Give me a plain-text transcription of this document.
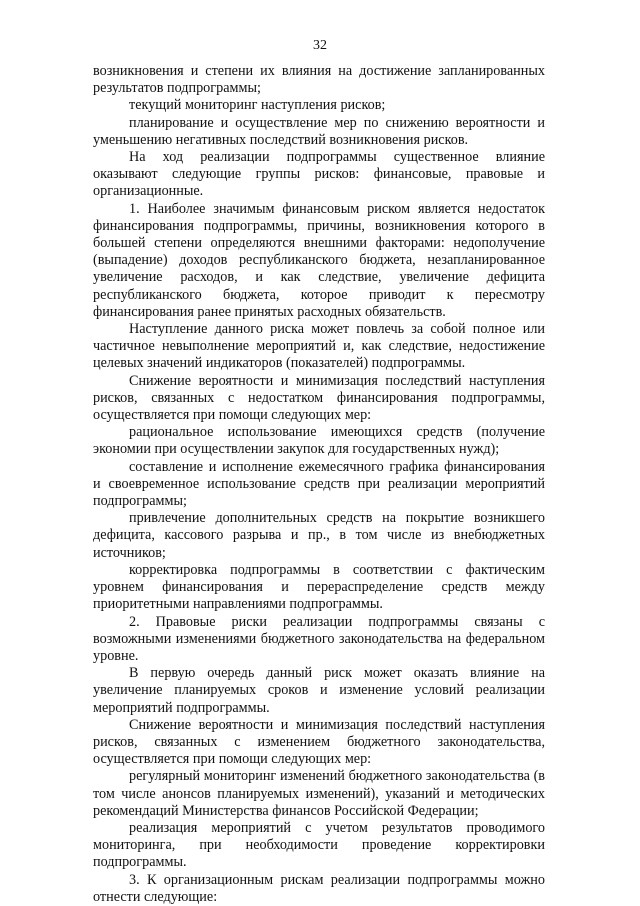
32

возникновения и степени их влияния на достижение запланированных результатов подпрограммы;

текущий мониторинг наступления рисков;

планирование и осуществление мер по снижению вероятности и уменьшению негативных последствий возникновения рисков.

На ход реализации подпрограммы существенное влияние оказывают следующие группы рисков: финансовые, правовые и организационные.

1. Наиболее значимым финансовым риском является недостаток финансирования подпрограммы, причины, возникновения которого в большей степени определяются внешними факторами: недополучение (выпадение) доходов республиканского бюджета, незапланированное увеличение расходов, и как следствие, увеличение дефицита республиканского бюджета, которое приводит к пересмотру финансирования ранее принятых расходных обязательств.

Наступление данного риска может повлечь за собой полное или частичное невыполнение мероприятий и, как следствие, недостижение целевых значений индикаторов (показателей) подпрограммы.

Снижение вероятности и минимизация последствий наступления рисков, связанных с недостатком финансирования подпрограммы, осуществляется при помощи следующих мер:

рациональное использование имеющихся средств (получение экономии при осуществлении закупок для государственных нужд);

составление и исполнение ежемесячного графика финансирования и своевременное использование средств при реализации мероприятий подпрограммы;

привлечение дополнительных средств на покрытие возникшего дефицита, кассового разрыва и пр., в том числе из внебюджетных источников;

корректировка подпрограммы в соответствии с фактическим уровнем финансирования и перераспределение средств между приоритетными направлениями подпрограммы.

2. Правовые риски реализации подпрограммы связаны с возможными изменениями бюджетного законодательства на федеральном уровне.

В первую очередь данный риск может оказать влияние на увеличение планируемых сроков и изменение условий реализации мероприятий подпрограммы.

Снижение вероятности и минимизация последствий наступления рисков, связанных с изменением бюджетного законодательства, осуществляется при помощи следующих мер:

регулярный мониторинг изменений бюджетного законодательства (в том числе анонсов планируемых изменений), указаний и методических рекомендаций Министерства финансов Российской Федерации;

реализация мероприятий с учетом результатов проводимого мониторинга, при необходимости проведение корректировки подпрограммы.

3. К организационным рискам реализации подпрограммы можно отнести следующие:
